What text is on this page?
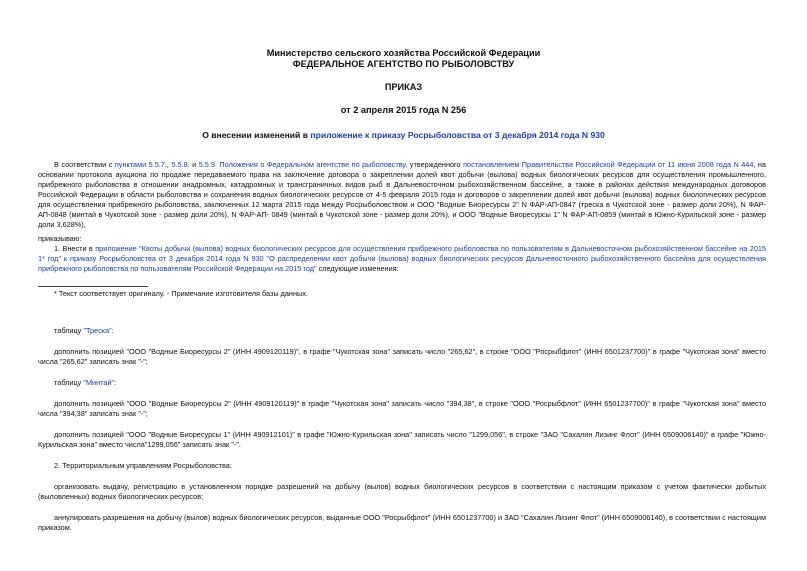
Министерство сельского хозяйства Российской Федерации
ФЕДЕРАЛЬНОЕ АГЕНТСТВО ПО РЫБОЛОВСТВУ
ПРИКАЗ
от 2 апреля 2015 года N 256
О внесении изменений в приложение к приказу Росрыболовства от 3 декабря 2014 года N 930
В соответствии с пунктами 5.5.7., 5.5.8. и 5.5.9. Положения о Федеральном агентстве по рыболовству, утвержденного постановлением Правительства Российской Федерации от 11 июня 2008 года N 444, на основании протокола аукциона по продаже передаваемого права на заключение договора о закреплении долей квот добычи (вылова) водных биологических ресурсов для осуществления промышленного, прибрежного рыболовства в отношении анадромных, катадромных и трансграничных видов рыб в Дальневосточном рыбохозяйственном бассейне, а также в районах действия международных договоров Российской Федерации в области рыболовства и сохранения водных биологических ресурсов от 4-5 февраля 2015 года и договоров о закреплении долей квот добычи (вылова) водных биологических ресурсов для осуществления прибрежного рыболовства, заключенных 12 марта 2015 года между Росрыболовством и ООО "Водные Биоресурсы 2" N ФАР-АП-0847 (треска в Чукотской зоне - размер доли 20%), N ФАР-АП-0848 (минтай в Чукотской зоне - размер доли 20%), N ФАР-АП- 0849 (минтай в Чукотской зоне - размер доли 20%), и ООО "Водные Биоресурсы 1" N ФАР-АП-0859 (минтай в Южно-Курильской зоне - размер доли 3,628%),
приказываю:
1. Внести в приложение "Квоты добычи (вылова) водных биологических ресурсов для осуществления прибрежного рыболовства по пользователям в Дальневосточном рыбохозяйственном бассейне на 2015 1* год" к приказу Росрыболовства от 3 декабря 2014 года N 930 "О распределении квот добычи (вылова) водных биологических ресурсов Дальневосточного рыбохозяйственного бассейна для осуществления прибрежного рыболовства по пользователям Российской Федерации на 2015 год" следующие изменения:
* Текст соответствует оригиналу. - Примечание изготовителя базы данных.
таблицу "Треска":
дополнить позицией "ООО "Водные Биоресурсы 2" (ИНН 4909120119)", в графе "Чукотская зона" записать число "265,62", в строке "ООО "Росрыбфлот" (ИНН 6501237700)" в графе "Чукотская зона" вместо числа "265,62" записать знак "-";
таблицу "Минтай":
дополнить позицией "ООО "Водные Биоресурсы 2" (ИНН 4909120119)" в графе "Чукотская зона" записать число "394,38", в строке "ООО "Росрыбфлот" (ИНН 6501237700)" в графе "Чукотская зона" вместо числа "394,38" записать знак "-";
дополнить позицией "ООО "Водные Биоресурсы 1" (ИНН 490912101)" в графе "Южно-Курильская зона" записать число "1299,056", в строке "ЗАО "Сахалин Лизинг Флот" (ИНН 6509006140)" в графе "Южно-Курильская зона" вместо числа"1299,056" записать знак "-".
2. Территориальным управлениям Росрыболовства:
организовать выдачу, регистрацию в установленном порядке разрешений на добычу (вылов) водных биологических ресурсов в соответствии с настоящим приказом с учетом фактически добытых (выловленных) водных биологических ресурсов;
аннулировать разрешения на добычу (вылов) водных биологических ресурсов, выданные ООО "Росрыбфлот" (ИНН 6501237700) и ЗАО "Сахалин Лизинг Флот" (ИНН 6509006140), в соответствии с настоящим приказом.
